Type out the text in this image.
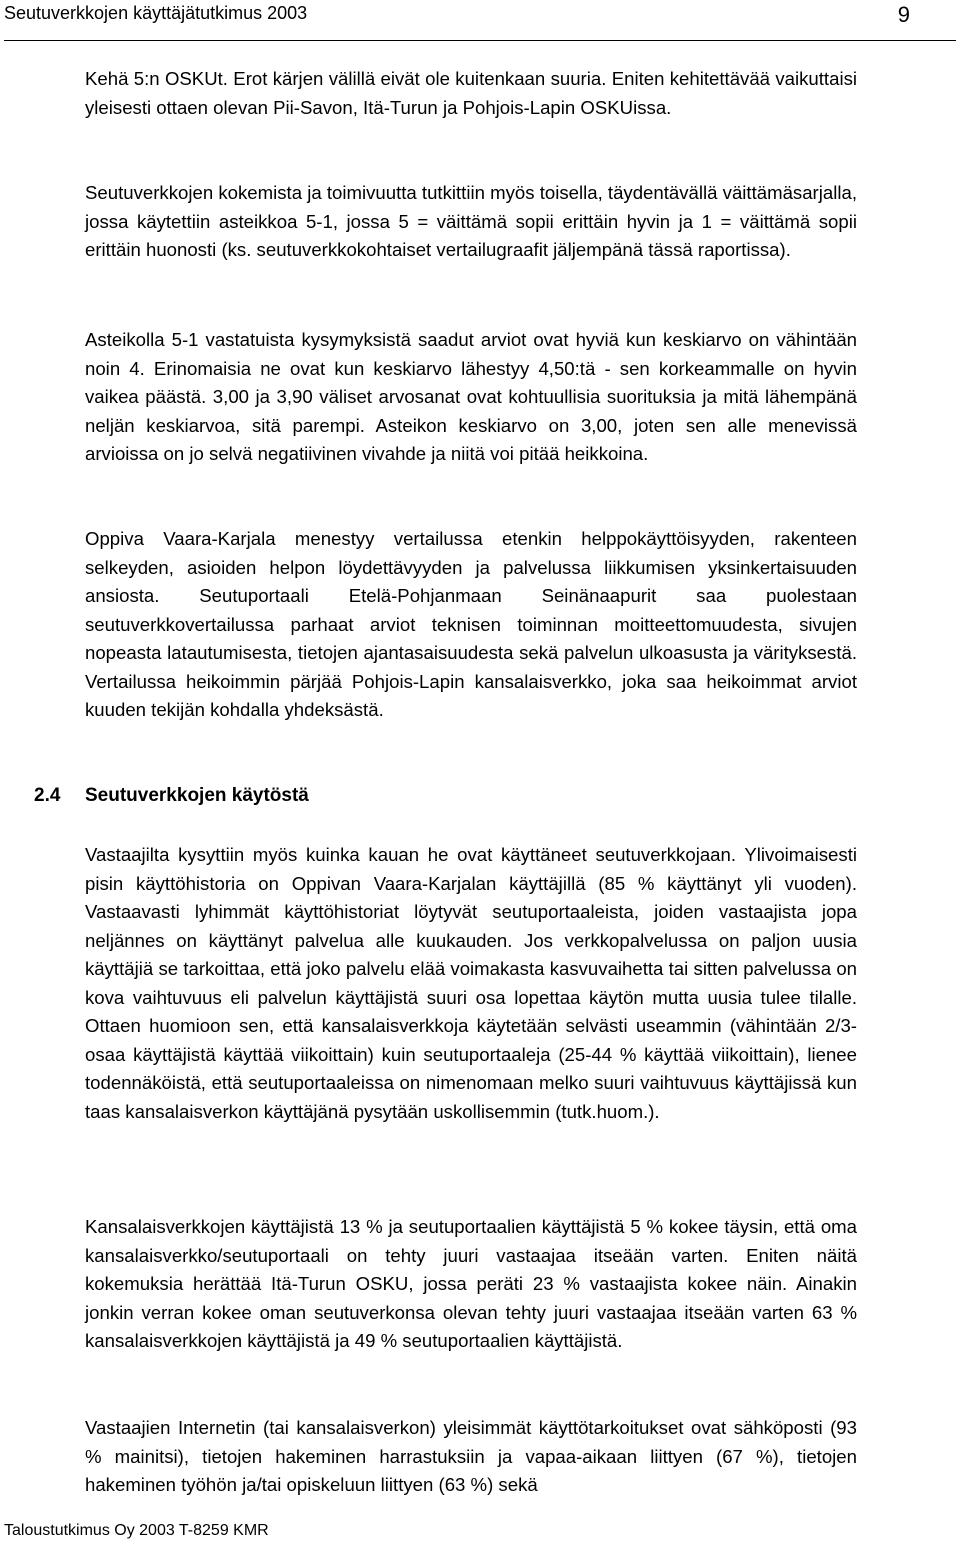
Seutuverkkojen käyttäjätutkimus 2003	9

Kehä 5:n OSKUt. Erot kärjen välillä eivät ole kuitenkaan suuria. Eniten kehitettävää vaikuttaisi yleisesti ottaen olevan Pii-Savon, Itä-Turun ja Pohjois-Lapin OSKUissa.

Seutuverkkojen kokemista ja toimivuutta tutkittiin myös toisella, täydentävällä väittämäsarjalla, jossa käytettiin asteikkoa 5-1, jossa 5 = väittämä sopii erittäin hyvin ja 1 = väittämä sopii erittäin huonosti (ks. seutuverkkokohtaiset vertailugraafit jäljempänä tässä raportissa).

Asteikolla 5-1 vastatuista kysymyksistä saadut arviot ovat hyviä kun keskiarvo on vähintään noin 4. Erinomaisia ne ovat kun keskiarvo lähestyy 4,50:tä - sen korkeammalle on hyvin vaikea päästä. 3,00 ja 3,90 väliset arvosanat ovat kohtuullisia suorituksia ja mitä lähempänä neljän keskiarvoa, sitä parempi. Asteikon keskiarvo on 3,00, joten sen alle menevissä arvioissa on jo selvä negatiivinen vivahde ja niitä voi pitää heikkoina.

Oppiva Vaara-Karjala menestyy vertailussa etenkin helppokäyttöisyyden, rakenteen selkeyden, asioiden helpon löydettävyyden ja palvelussa liikkumisen yksinkertaisuuden ansiosta. Seutuportaali Etelä-Pohjanmaan Seinänaapurit saa puolestaan seutuverkkovertailussa parhaat arviot teknisen toiminnan moitteettomuudesta, sivujen nopeasta latautumisesta, tietojen ajantasaisuudesta sekä palvelun ulkoasusta ja värityksestä. Vertailussa heikoimmin pärjää Pohjois-Lapin kansalaisverkko, joka saa heikoimmat arviot kuuden tekijän kohdalla yhdeksästä.

2.4 Seutuverkkojen käytöstä

Vastaajilta kysyttiin myös kuinka kauan he ovat käyttäneet seutuverkkojaan. Ylivoimaisesti pisin käyttöhistoria on Oppivan Vaara-Karjalan käyttäjillä (85 % käyttänyt yli vuoden). Vastaavasti lyhimmät käyttöhistoriat löytyvät seutuportaaleista, joiden vastaajista jopa neljännes on käyttänyt palvelua alle kuukauden. Jos verkkopalvelussa on paljon uusia käyttäjiä se tarkoittaa, että joko palvelu elää voimakasta kasvuvaihetta tai sitten palvelussa on kova vaihtuvuus eli palvelun käyttäjistä suuri osa lopettaa käytön mutta uusia tulee tilalle. Ottaen huomioon sen, että kansalaisverkkoja käytetään selvästi useammin (vähintään 2/3-osaa käyttäjistä käyttää viikoittain) kuin seutuportaaleja (25-44 % käyttää viikoittain), lienee todennäköistä, että seutuportaaleissa on nimenomaan melko suuri vaihtuvuus käyttäjissä kun taas kansalaisverkon käyttäjänä pysytään uskollisemmin (tutk.huom.).

Kansalaisverkkojen käyttäjistä 13 % ja seutuportaalien käyttäjistä 5 % kokee täysin, että oma kansalaisverkko/seutuportaali on tehty juuri vastaajaa itseään varten. Eniten näitä kokemuksia herättää Itä-Turun OSKU, jossa peräti 23 % vastaajista kokee näin. Ainakin jonkin verran kokee oman seutuverkonsa olevan tehty juuri vastaajaa itseään varten 63 % kansalaisverkkojen käyttäjistä ja 49 % seutuportaalien käyttäjistä.

Vastaajien Internetin (tai kansalaisverkon) yleisimmät käyttötarkoitukset ovat sähköposti (93 % mainitsi), tietojen hakeminen harrastuksiin ja vapaa-aikaan liittyen (67 %), tietojen hakeminen työhön ja/tai opiskeluun liittyen (63 %) sekä

Taloustutkimus Oy 2003 T-8259 KMR
